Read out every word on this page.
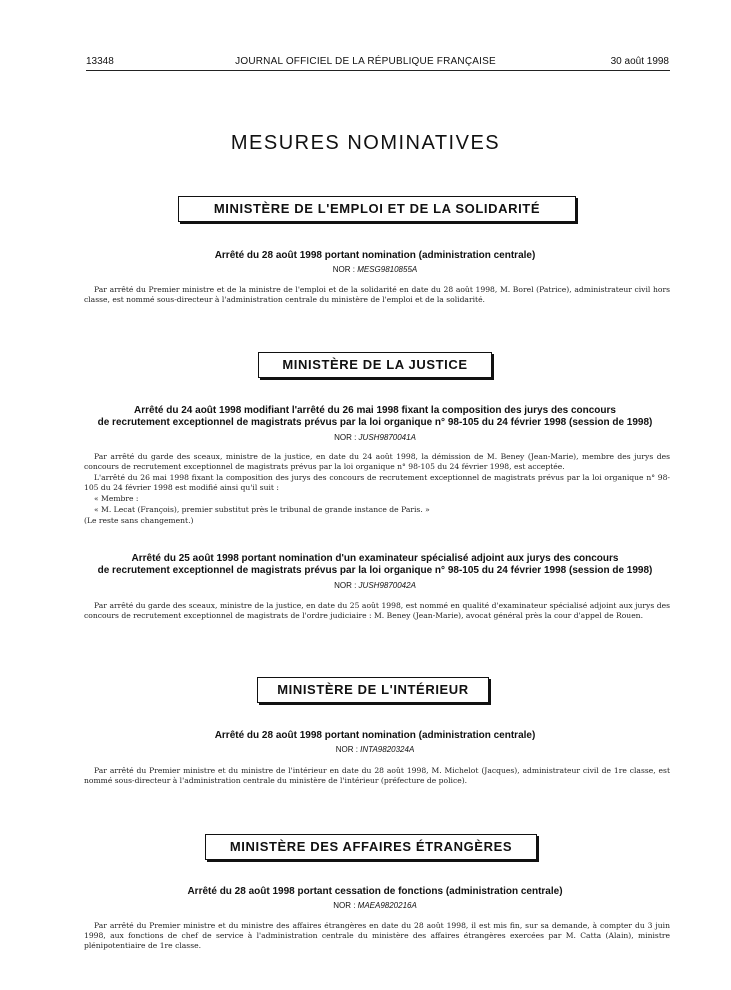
13348	JOURNAL OFFICIEL DE LA RÉPUBLIQUE FRANÇAISE	30 août 1998
MESURES NOMINATIVES
MINISTÈRE DE L'EMPLOI ET DE LA SOLIDARITÉ
Arrêté du 28 août 1998 portant nomination (administration centrale)
NOR : MESG9810855A

Par arrêté du Premier ministre et de la ministre de l'emploi et de la solidarité en date du 28 août 1998, M. Borel (Patrice), administrateur civil hors classe, est nommé sous-directeur à l'administration centrale du ministère de l'emploi et de la solidarité.

MINISTÈRE DE LA JUSTICE
Arrêté du 24 août 1998 modifiant l'arrêté du 26 mai 1998 fixant la composition des jurys des concours
de recrutement exceptionnel de magistrats prévus par la loi organique n° 98-105 du 24 février 1998 (session de 1998)
NOR : JUSH9870041A

Par arrêté du garde des sceaux, ministre de la justice, en date du 24 août 1998, la démission de M. Beney (Jean-Marie), membre des jurys des concours de recrutement exceptionnel de magistrats prévus par la loi organique n° 98-105 du 24 février 1998, est acceptée.

L'arrêté du 26 mai 1998 fixant la composition des jurys des concours de recrutement exceptionnel de magistrats prévus par la loi organique n° 98-105 du 24 février 1998 est modifié ainsi qu'il suit :

« Membre :

« M. Lecat (François), premier substitut près le tribunal de grande instance de Paris. »

(Le reste sans changement.)

Arrêté du 25 août 1998 portant nomination d'un examinateur spécialisé adjoint aux jurys des concours
de recrutement exceptionnel de magistrats prévus par la loi organique n° 98-105 du 24 février 1998 (session de 1998)
NOR : JUSH9870042A

Par arrêté du garde des sceaux, ministre de la justice, en date du 25 août 1998, est nommé en qualité d'examinateur spécialisé adjoint aux jurys des concours de recrutement exceptionnel de magistrats de l'ordre judiciaire : M. Beney (Jean-Marie), avocat général près la cour d'appel de Rouen.

MINISTÈRE DE L'INTÉRIEUR
Arrêté du 28 août 1998 portant nomination (administration centrale)
NOR : INTA9820324A

Par arrêté du Premier ministre et du ministre de l'intérieur en date du 28 août 1998, M. Michelot (Jacques), administrateur civil de 1re classe, est nommé sous-directeur à l'administration centrale du ministère de l'intérieur (préfecture de police).

MINISTÈRE DES AFFAIRES ÉTRANGÈRES
Arrêté du 28 août 1998 portant cessation de fonctions (administration centrale)
NOR : MAEA9820216A

Par arrêté du Premier ministre et du ministre des affaires étrangères en date du 28 août 1998, il est mis fin, sur sa demande, à compter du 3 juin 1998, aux fonctions de chef de service à l'administration centrale du ministère des affaires étrangères exercées par M. Catta (Alain), ministre plénipotentiaire de 1re classe.
